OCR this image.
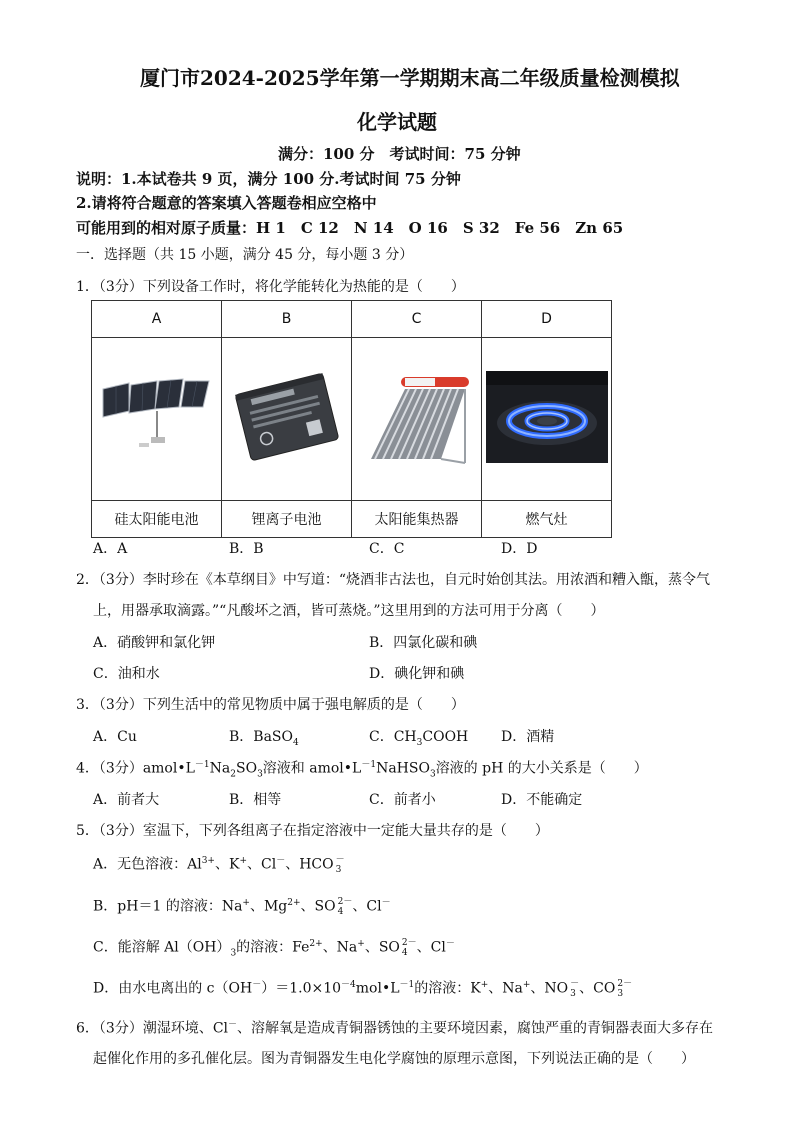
厦门市2024-2025学年第一学期期末高二年级质量检测模拟
化学试题
满分：100 分　考试时间：75 分钟
说明：1.本试卷共 9 页，满分 100 分.考试时间 75 分钟
2.请将符合题意的答案填入答题卷相应空格中
可能用到的相对原子质量：H 1　C 12　N 14　O 16　S 32　Fe 56　Zn 65
一．选择题（共 15 小题，满分 45 分，每小题 3 分）
1．（3分）下列设备工作时，将化学能转化为热能的是（　　）
A	B	C	D

硅太阳能电池	锂离子电池	太阳能集热器	燃气灶
A．A	B．B	C．C	D．D
2．（3分）李时珍在《本草纲目》中写道：“烧酒非古法也，自元时始创其法。用浓酒和糟入甑，蒸令气
上，用器承取滴露。”“凡酸坏之酒，皆可蒸烧。”这里用到的方法可用于分离（　　）
A．硝酸钾和氯化钾	B．四氯化碳和碘
C．油和水	D．碘化钾和碘
3．（3分）下列生活中的常见物质中属于强电解质的是（　　）
A．Cu	B．BaSO$_4$	C．$CH_3COOH$ D．酒精
4．（3分）$amol•L^{-1}Na_2SO_3$溶液和 $amol•L^{-1}NaHSO_3$溶液的 pH 的大小关系是（　　）
A．前者大	B．相等	C．前者小	D．不能确定
5．（3分）室温下，下列各组离子在指定溶液中一定能大量共存的是（　　）
A．无色溶液：$Al^{3+}$、K+、Cl－、HCO －
3
B．pH＝1 的溶液：Na+、$Mg^{2+}$、SO 2－
4 、Cl－
C．能溶解 $Al(OH)_3$的溶液：$Fe^{2+}$、Na+、SO 2－
4 、Cl－
D．由水电离出的 $c(OH^-)=1.0\times 10^{-4}mol•L^{-1}$的溶液：K+、Na+、NO －
3 、CO 2－
3
6．（3分）潮湿环境、Cl－、溶解氧是造成青铜器锈蚀的主要环境因素，腐蚀严重的青铜器表面大多存在
起催化作用的多孔催化层。图为青铜器发生电化学腐蚀的原理示意图，下列说法正确的是（　　）
